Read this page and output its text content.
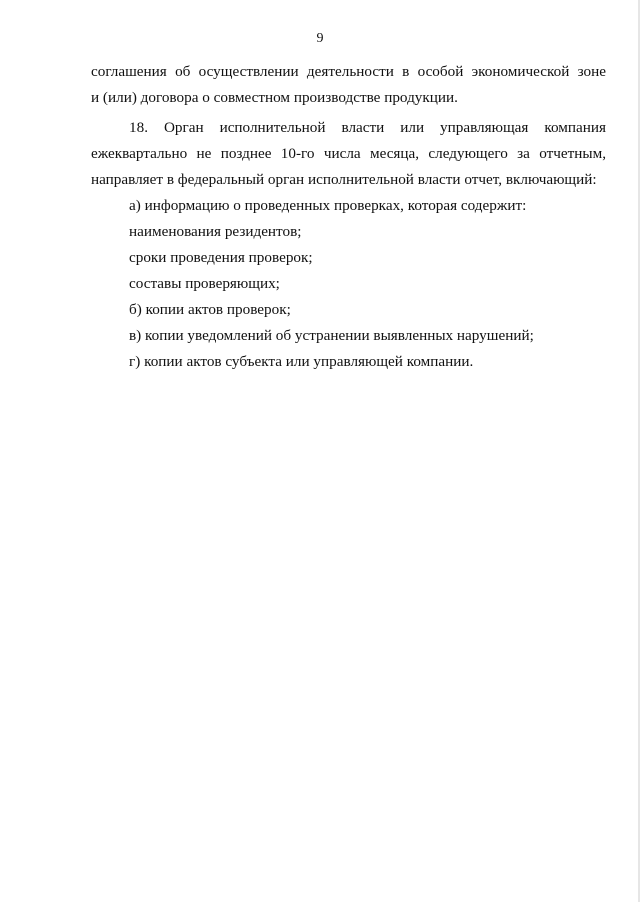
9
соглашения об осуществлении деятельности в особой экономической зоне
и (или) договора о совместном производстве продукции.
18. Орган исполнительной власти или управляющая компания
ежеквартально не позднее 10-го числа месяца, следующего за отчетным,
направляет в федеральный орган исполнительной власти отчет, включающий:
а) информацию о проведенных проверках, которая содержит:
наименования резидентов;
сроки проведения проверок;
составы проверяющих;
б) копии актов проверок;
в) копии уведомлений об устранении выявленных нарушений;
г) копии актов субъекта или управляющей компании.
